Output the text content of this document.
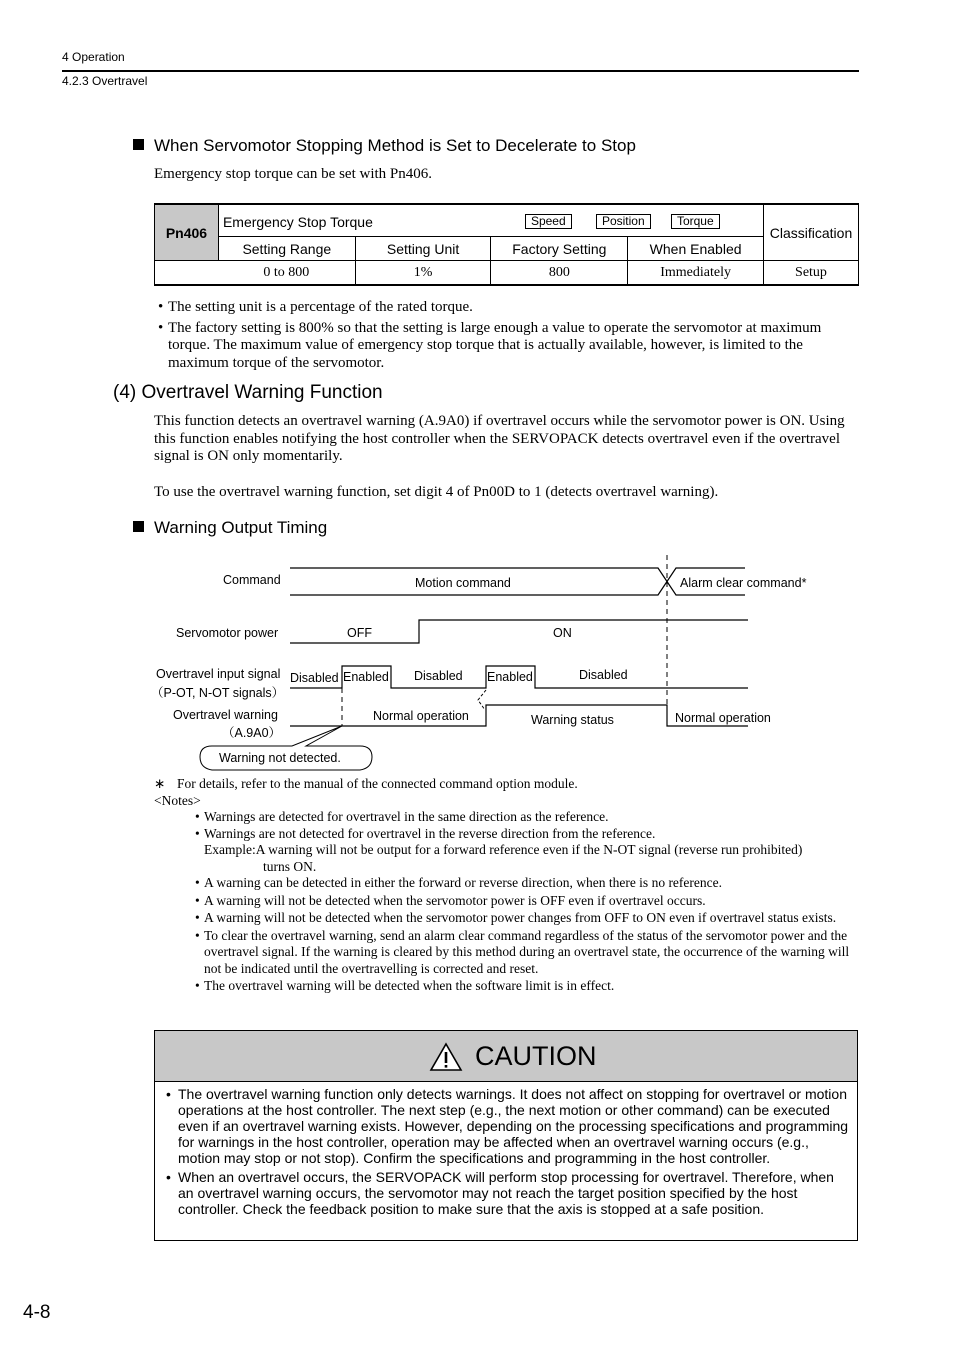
4 Operation
4.2.3 Overtravel
When Servomotor Stopping Method is Set to Decelerate to Stop
Emergency stop torque can be set with Pn406.
Pn406	Emergency Stop Torque Speed Position Torque				Classification
	Setting Range	Setting Unit	Factory Setting	When Enabled	
0 to 800		1%	800	Immediately	Setup
• The setting unit is a percentage of the rated torque.
• The factory setting is 800% so that the setting is large enough a value to operate the servomotor at maximum torque. The maximum value of emergency stop torque that is actually available, however, is limited to the maximum torque of the servomotor.
(4) Overtravel Warning Function
This function detects an overtravel warning (A.9A0) if overtravel occurs while the servomotor power is ON. Using this function enables notifying the host controller when the SERVOPACK detects overtravel even if the overtravel signal is ON only momentarily.
To use the overtravel warning function, set digit 4 of Pn00D to 1 (detects overtravel warning).
Warning Output Timing
Command
Servomotor power
Overtravel input signal
（P-OT, N-OT signals）
Overtravel warning
（A.9A0）
Motion command	Alarm clear command*
OFF	ON
Disabled Enabled Disabled Enabled	Disabled
Normal operation	Warning status	Normal operation
Warning not detected.
∗ For details, refer to the manual of the connected command option module.
<Notes>
• Warnings are detected for overtravel in the same direction as the reference.
• Warnings are not detected for overtravel in the reverse direction from the reference.
Example:A warning will not be output for a forward reference even if the N-OT signal (reverse run prohibited)
turns ON.
• A warning can be detected in either the forward or reverse direction, when there is no reference.
• A warning will not be detected when the servomotor power is OFF even if overtravel occurs.
• A warning will not be detected when the servomotor power changes from OFF to ON even if overtravel status exists.
• To clear the overtravel warning, send an alarm clear command regardless of the status of the servomotor power and the overtravel signal. If the warning is cleared by this method during an overtravel state, the occurrence of the warning will not be indicated until the overtravelling is corrected and reset.
• The overtravel warning will be detected when the software limit is in effect.
CAUTION
• The overtravel warning function only detects warnings. It does not affect on stopping for overtravel or motion operations at the host controller. The next step (e.g., the next motion or other command) can be executed even if an overtravel warning exists. However, depending on the processing specifications and programming for warnings in the host controller, operation may be affected when an overtravel warning occurs (e.g., motion may stop or not stop). Confirm the specifications and programming in the host controller.
• When an overtravel occurs, the SERVOPACK will perform stop processing for overtravel. Therefore, when an overtravel warning occurs, the servomotor may not reach the target position specified by the host controller. Check the feedback position to make sure that the axis is stopped at a safe position.
4-8
